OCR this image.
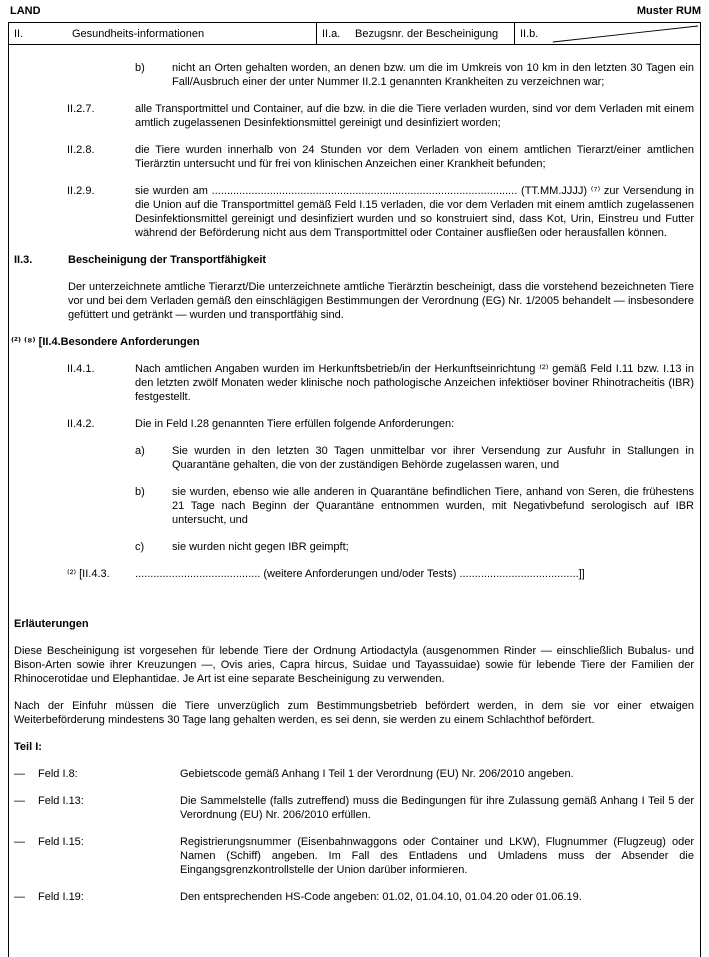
LAND	Muster RUM
II.	Gesundheits-informationen	II.a.	Bezugsnr. der Bescheinigung II.b.
b)	nicht an Orten gehalten worden, an denen bzw. um die im Umkreis von 10 km in den letzten 30 Tagen ein Fall/Ausbruch einer der unter Nummer II.2.1 genannten Krankheiten zu verzeichnen war;
II.2.7.	alle Transportmittel und Container, auf die bzw. in die die Tiere verladen wurden, sind vor dem Verladen mit einem amtlich zugelassenen Desinfektionsmittel gereinigt und desinfiziert worden;
II.2.8.	die Tiere wurden innerhalb von 24 Stunden vor dem Verladen von einem amtlichen Tierarzt/einer amtlichen Tierärztin untersucht und für frei von klinischen Anzeichen einer Krankheit befunden;
II.2.9.	sie wurden am .................................................................................................... (TT.MM.JJJJ) ⁽⁷⁾ zur Versendung in die Union auf die Transportmittel gemäß Feld I.15 verladen, die vor dem Verladen mit einem amtlich zugelassenen Desinfektionsmittel gereinigt und desinfiziert wurden und so konstruiert sind, dass Kot, Urin, Einstreu und Futter während der Beförderung nicht aus dem Transportmittel oder Container ausfließen oder herausfallen können.
II.3.	Bescheinigung der Transportfähigkeit
Der unterzeichnete amtliche Tierarzt/Die unterzeichnete amtliche Tierärztin bescheinigt, dass die vorstehend bezeichneten Tiere vor und bei dem Verladen gemäß den einschlägigen Bestimmungen der Verordnung (EG) Nr. 1/2005 behandelt — insbesondere gefüttert und getränkt — wurden und transportfähig sind.
⁽²⁾ ⁽⁸⁾ [II.4.Besondere Anforderungen
II.4.1.	Nach amtlichen Angaben wurden im Herkunftsbetrieb/in der Herkunftseinrichtung ⁽²⁾ gemäß Feld I.11 bzw. I.13 in den letzten zwölf Monaten weder klinische noch pathologische Anzeichen infektiöser boviner Rhinotracheitis (IBR) festgestellt.
II.4.2.	Die in Feld I.28 genannten Tiere erfüllen folgende Anforderungen:
a)	Sie wurden in den letzten 30 Tagen unmittelbar vor ihrer Versendung zur Ausfuhr in Stallungen in Quarantäne gehalten, die von der zuständigen Behörde zugelassen waren, und
b)	sie wurden, ebenso wie alle anderen in Quarantäne befindlichen Tiere, anhand von Seren, die frühestens 21 Tage nach Beginn der Quarantäne entnommen wurden, mit Negativbefund serologisch auf IBR untersucht, und
c)	sie wurden nicht gegen IBR geimpft;
⁽²⁾ [II.4.3.	......................................... (weitere Anforderungen und/oder Tests) .......................................]]
Erläuterungen
Diese Bescheinigung ist vorgesehen für lebende Tiere der Ordnung Artiodactyla (ausgenommen Rinder — einschließlich Bubalus- und Bison-Arten sowie ihrer Kreuzungen —, Ovis aries, Capra hircus, Suidae und Tayassuidae) sowie für lebende Tiere der Familien der Rhinocerotidae und Elephantidae. Je Art ist eine separate Bescheinigung zu verwenden.
Nach der Einfuhr müssen die Tiere unverzüglich zum Bestimmungsbetrieb befördert werden, in dem sie vor einer etwaigen Weiterbeförderung mindestens 30 Tage lang gehalten werden, es sei denn, sie werden zu einem Schlachthof befördert.
Teil I:
—	Feld I.8:	Gebietscode gemäß Anhang I Teil 1 der Verordnung (EU) Nr. 206/2010 angeben.
—	Feld I.13:	Die Sammelstelle (falls zutreffend) muss die Bedingungen für ihre Zulassung gemäß Anhang I Teil 5 der Verordnung (EU) Nr. 206/2010 erfüllen.
—	Feld I.15:	Registrierungsnummer (Eisenbahnwaggons oder Container und LKW), Flugnummer (Flugzeug) oder Namen (Schiff) angeben. Im Fall des Entladens und Umladens muss der Absender die Eingangsgrenzkontrollstelle der Union darüber informieren.
—	Feld I.19:	Den entsprechenden HS-Code angeben: 01.02, 01.04.10, 01.04.20 oder 01.06.19.
